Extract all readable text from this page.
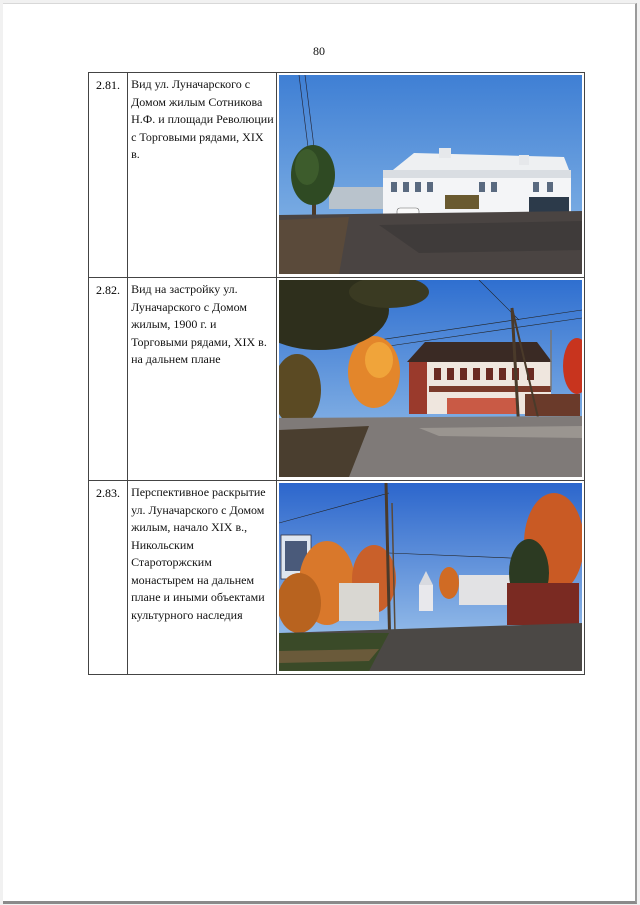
80
2.81.	Вид ул. Луначарского с Домом жилым Сотникова Н.Ф. и площади Революции с Торговыми рядами, XIX в.	

2.82.	Вид на застройку ул. Луначарского с Домом жилым, 1900 г. и Торговыми рядами, XIX в. на дальнем плане	

2.83.	Перспективное раскрытие ул. Луначарского с Домом жилым, начало XIX в., Никольским Староторжским монастырем на дальнем плане и иными объектами культурного наследия	
